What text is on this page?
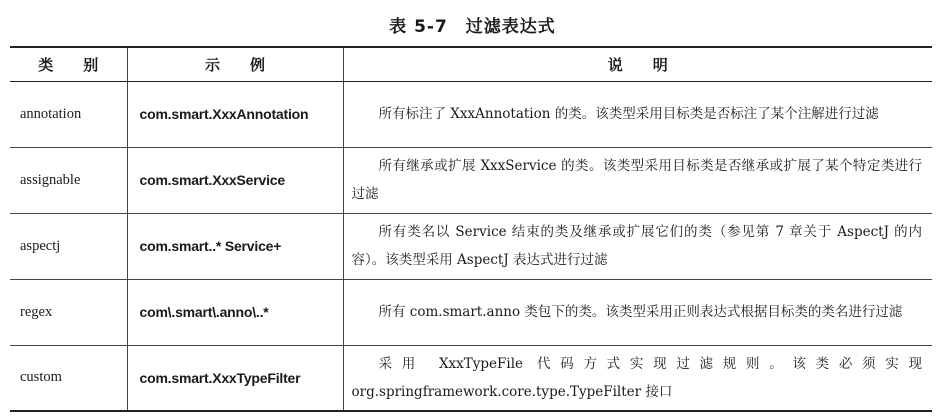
表 5-7　过滤表达式
类　　别	示　　例	说　　明
annotation	com.smart.XxxAnnotation	所有标注了 XxxAnnotation 的类。该类型采用目标类是否标注了某个注解进行过滤

assignable	com.smart.XxxService	所有继承或扩展 XxxService 的类。该类型采用目标类是否继承或扩展了某个特定类进行过滤

aspectj	com.smart..* Service+	所有类名以 Service 结束的类及继承或扩展它们的类（参见第 7 章关于 AspectJ 的内容）。该类型采用 AspectJ 表达式进行过滤

regex	com\.smart\.anno\..*	所有 com.smart.anno 类包下的类。该类型采用正则表达式根据目标类的类名进行过滤

custom	com.smart.XxxTypeFilter	采用 XxxTypeFile 代码方式实现过滤规则。该类必须实现 org.springframework.core.type.TypeFilter 接口
